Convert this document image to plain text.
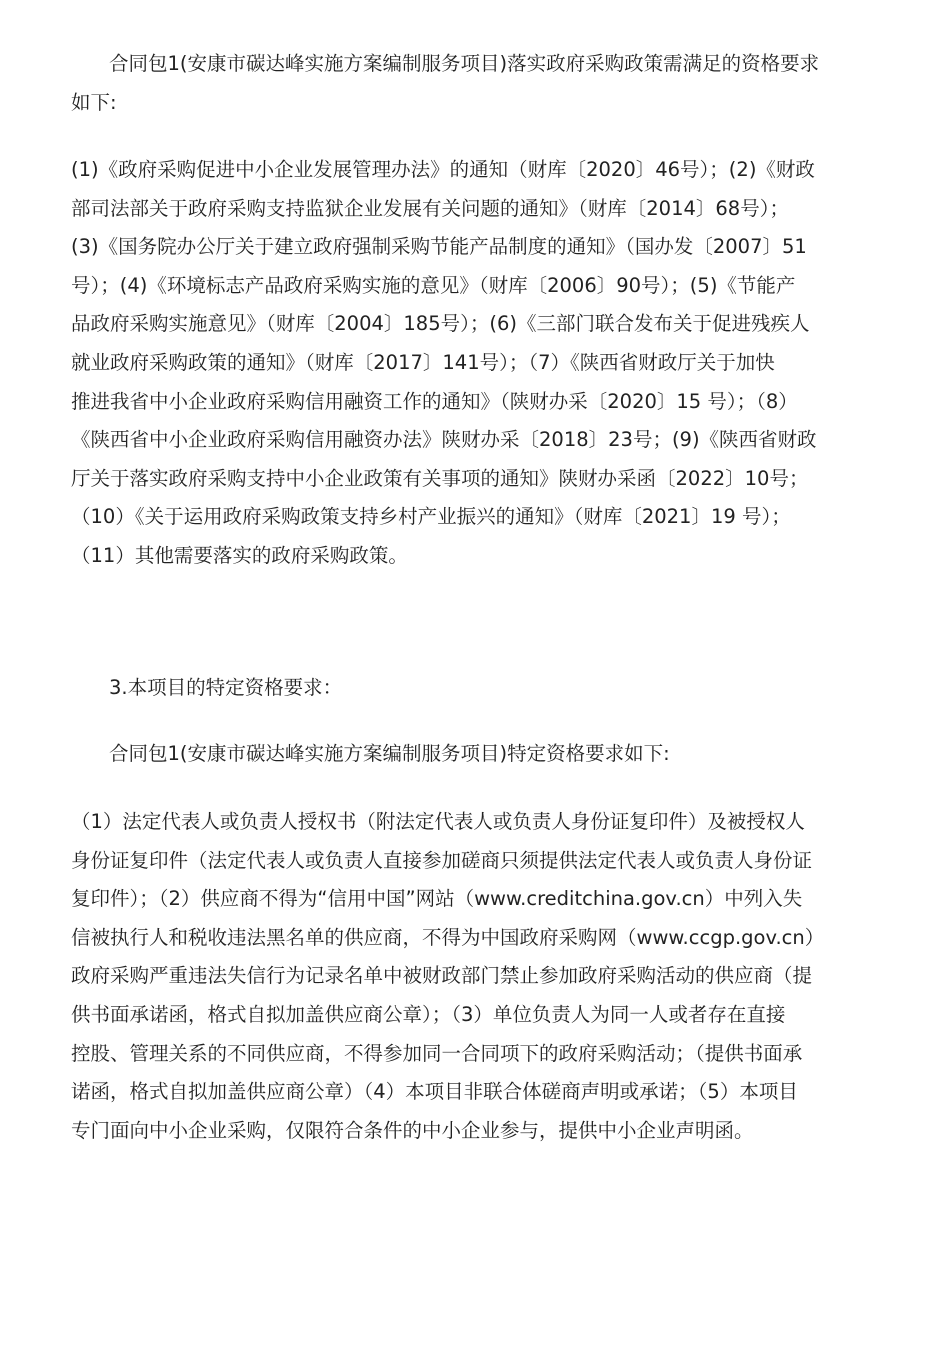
合同包1(安康市碳达峰实施方案编制服务项目)落实政府采购政策需满足的资格要求
如下:
(1)《政府采购促进中小企业发展管理办法》的通知（财库〔2020〕46号）；(2)《财政
部司法部关于政府采购支持监狱企业发展有关问题的通知》（财库〔2014〕68号）；
(3)《国务院办公厅关于建立政府强制采购节能产品制度的通知》（国办发〔2007〕51
号）；(4)《环境标志产品政府采购实施的意见》（财库〔2006〕90号）；(5)《节能产
品政府采购实施意见》（财库〔2004〕185号）；(6)《三部门联合发布关于促进残疾人
就业政府采购政策的通知》（财库〔2017〕141号）；（7）《陕西省财政厅关于加快
推进我省中小企业政府采购信用融资工作的通知》（陕财办采〔2020〕15 号）；（8）
《陕西省中小企业政府采购信用融资办法》陕财办采〔2018〕23号；(9)《陕西省财政
厅关于落实政府采购支持中小企业政策有关事项的通知》陕财办采函〔2022〕10号；
（10）《关于运用政府采购政策支持乡村产业振兴的通知》（财库〔2021〕19 号）；
（11）其他需要落实的政府采购政策。
3.本项目的特定资格要求：
合同包1(安康市碳达峰实施方案编制服务项目)特定资格要求如下:
（1）法定代表人或负责人授权书（附法定代表人或负责人身份证复印件）及被授权人
身份证复印件（法定代表人或负责人直接参加磋商只须提供法定代表人或负责人身份证
复印件）；（2）供应商不得为“信用中国”网站（www.creditchina.gov.cn）中列入失
信被执行人和税收违法黑名单的供应商，不得为中国政府采购网（www.ccgp.gov.cn）
政府采购严重违法失信行为记录名单中被财政部门禁止参加政府采购活动的供应商（提
供书面承诺函，格式自拟加盖供应商公章）；（3）单位负责人为同一人或者存在直接
控股、管理关系的不同供应商，不得参加同一合同项下的政府采购活动；（提供书面承
诺函，格式自拟加盖供应商公章）（4）本项目非联合体磋商声明或承诺；（5）本项目
专门面向中小企业采购，仅限符合条件的中小企业参与，提供中小企业声明函。
